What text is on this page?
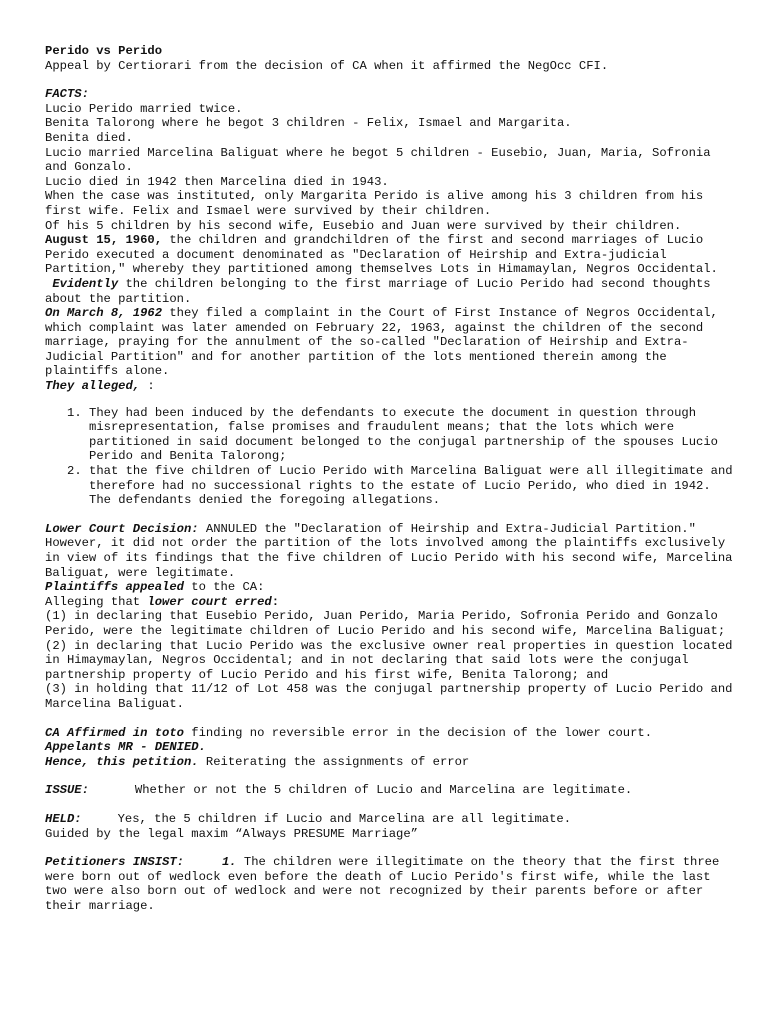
Perido vs Perido

Appeal by Certiorari from the decision of CA when it affirmed the NegOcc CFI.

FACTS:

Lucio Perido married twice.

Benita Talorong where he begot 3 children - Felix, Ismael and Margarita.

Benita died.

Lucio married Marcelina Baliguat where he begot 5 children - Eusebio, Juan, Maria, Sofronia and Gonzalo.

Lucio died in 1942 then Marcelina died in 1943.

When the case was instituted, only Margarita Perido is alive among his 3 children from his first wife. Felix and Ismael were survived by their children.

Of his 5 children by his second wife, Eusebio and Juan were survived by their children.

August 15, 1960, the children and grandchildren of the first and second marriages of Lucio Perido executed a document denominated as "Declaration of Heirship and Extra-judicial Partition," whereby they partitioned among themselves Lots in Himamaylan, Negros Occidental.

Evidently the children belonging to the first marriage of Lucio Perido had second thoughts about the partition.

On March 8, 1962 they filed a complaint in the Court of First Instance of Negros Occidental, which complaint was later amended on February 22, 1963, against the children of the second marriage, praying for the annulment of the so-called "Declaration of Heirship and Extra-Judicial Partition" and for another partition of the lots mentioned therein among the plaintiffs alone.

They alleged, :

1. They had been induced by the defendants to execute the document in question through misrepresentation, false promises and fraudulent means; that the lots which were partitioned in said document belonged to the conjugal partnership of the spouses Lucio Perido and Benita Talorong;
2. that the five children of Lucio Perido with Marcelina Baliguat were all illegitimate and therefore had no successional rights to the estate of Lucio Perido, who died in 1942. The defendants denied the foregoing allegations.

Lower Court Decision: ANNULED the "Declaration of Heirship and Extra-Judicial Partition." However, it did not order the partition of the lots involved among the plaintiffs exclusively in view of its findings that the five children of Lucio Perido with his second wife, Marcelina Baliguat, were legitimate.

Plaintiffs appealed to the CA:

Alleging that lower court erred:

(1) in declaring that Eusebio Perido, Juan Perido, Maria Perido, Sofronia Perido and Gonzalo Perido, were the legitimate children of Lucio Perido and his second wife, Marcelina Baliguat;

(2) in declaring that Lucio Perido was the exclusive owner real properties in question located in Himaymaylan, Negros Occidental; and in not declaring that said lots were the conjugal partnership property of Lucio Perido and his first wife, Benita Talorong; and

(3) in holding that 11/12 of Lot 458 was the conjugal partnership property of Lucio Perido and Marcelina Baliguat.

CA Affirmed in toto finding no reversible error in the decision of the lower court.

Appelants MR - DENIED.

Hence, this petition. Reiterating the assignments of error

ISSUE:	Whether or not the 5 children of Lucio and Marcelina are legitimate.

HELD:	Yes, the 5 children if Lucio and Marcelina are all legitimate.

Guided by the legal maxim “Always PRESUME Marriage”

Petitioners INSIST:	1. The children were illegitimate on the theory that the first three were born out of wedlock even before the death of Lucio Perido's first wife, while the last two were also born out of wedlock and were not recognized by their parents before or after their marriage.
